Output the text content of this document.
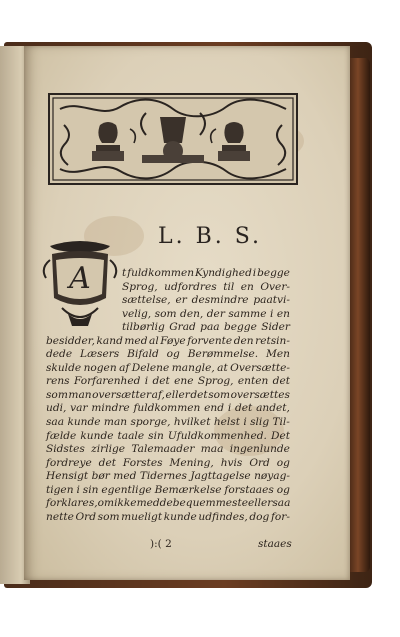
L. B. S.
A	t fuldkommen Kyndighed i begge
Sprog, udfordres til en Over-
sættelse, er desmindre paatvi-
velig, som den, der samme i en
tilbørlig Grad paa begge Sider
besidder, kand med al Føye forvente den retsin-
dede Læsers Bifald og Berømmelse. Men
skulde nogen af Delene mangle, at Oversætte-
rens Forfarenhed i det ene Sprog, enten det
som man oversætter af, eller det som oversættes
udi, var mindre fuldkommen end i det andet,
saa kunde man sporge, hvilket helst i slig Til-
fælde kunde taale sin Ufuldkommenhed. Det
Sidstes zirlige Talemaader maa ingenlunde
fordreye det Forstes Mening, hvis Ord og
Hensigt bør med Tidernes Jagttagelse nøyag-
tigen i sin egentlige Bemærkelse forstaaes og
forklares, om ikke med de bequemmeste eller saa
nette Ord som mueligt kunde udfindes, dog for-
):( 2	staaes
